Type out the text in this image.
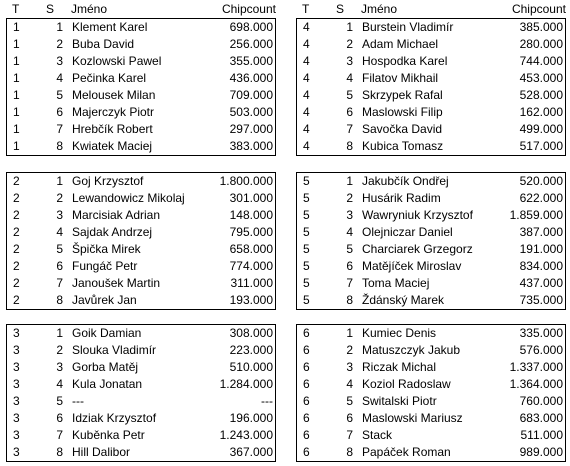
T S Jméno	Chipcount
1	1 Klement Karel	698.000
1	2 Buba David	256.000
1	3 Kozlowski Pawel	355.000
1	4 Pečinka Karel	436.000
1	5 Melousek Milan	709.000
1	6 Majerczyk Piotr	503.000
1	7 Hrebčík Robert	297.000
1	8 Kwiatek Maciej	383.000
2	1 Goj Krzysztof	1.800.000
2	2 Lewandowicz Mikolaj	301.000
2	3 Marcisiak Adrian	148.000
2	4 Sajdak Andrzej	795.000
2	5 Špička Mirek	658.000
2	6 Fungáč Petr	774.000
2	7 Janoušek Martin	311.000
2	8 Javůrek Jan	193.000
3	1 Goik Damian	308.000
3	2 Slouka Vladimír	223.000
3	3 Gorba Matěj	510.000
3	4 Kula Jonatan	1.284.000
3	5 ---	---
3	6 Idziak Krzysztof	196.000
3	7 Kuběnka Petr	1.243.000
3	8 Hill Dalibor	367.000
T S Jméno	Chipcount
4	1 Burstein Vladimír	385.000
4	2 Adam Michael	280.000
4	3 Hospodka Karel	744.000
4	4 Filatov Mikhail	453.000
4	5 Skrzypek Rafal	528.000
4	6 Maslowski Filip	162.000
4	7 Savočka David	499.000
4	8 Kubica Tomasz	517.000
5	1 Jakubčík Ondřej	520.000
5	2 Husárik Radim	622.000
5	3 Wawryniuk Krzysztof	1.859.000
5	4 Olejniczar Daniel	387.000
5	5 Charciarek Grzegorz	191.000
5	6 Matějíček Miroslav	834.000
5	7 Toma Maciej	437.000
5	8 Ždánský Marek	735.000
6	1 Kumiec Denis	335.000
6	2 Matuszczyk Jakub	576.000
6	3 Riczak Michal	1.337.000
6	4 Koziol Radoslaw	1.364.000
6	5 Switalski Piotr	760.000
6	6 Maslowski Mariusz	683.000
6	7 Stack	511.000
6	8 Papáček Roman	989.000
